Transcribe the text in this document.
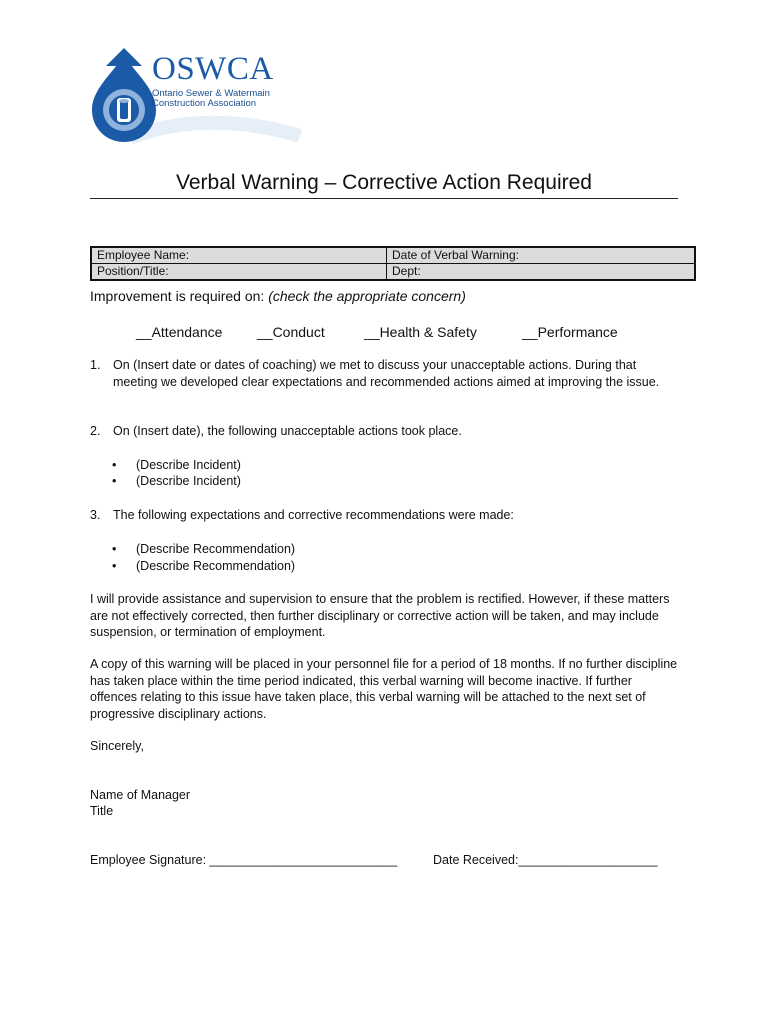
OSWCA
Ontario Sewer & Watermain
Construction Association
Verbal Warning – Corrective Action Required
Employee Name:	Date of Verbal Warning:
Position/Title:	Dept:
Improvement is required on: (check the appropriate concern)
__Attendance __Conduct	__Health & Safety	__Performance
1. On (Insert date or dates of coaching) we met to discuss your unacceptable actions. During that meeting we developed clear expectations and recommended actions aimed at improving the issue.
2. On (Insert date), the following unacceptable actions took place.
• (Describe Incident)
• (Describe Incident)
3. The following expectations and corrective recommendations were made:
• (Describe Recommendation)
• (Describe Recommendation)

I will provide assistance and supervision to ensure that the problem is rectified. However, if these matters are not effectively corrected, then further disciplinary or corrective action will be taken, and may include suspension, or termination of employment.

A copy of this warning will be placed in your personnel file for a period of 18 months. If no further discipline has taken place within the time period indicated, this verbal warning will become inactive. If further offences relating to this issue have taken place, this verbal warning will be attached to the next set of progressive disciplinary actions.

Sincerely,
Name of Manager
Title
Employee Signature: ___________________________	Date Received:____________________
